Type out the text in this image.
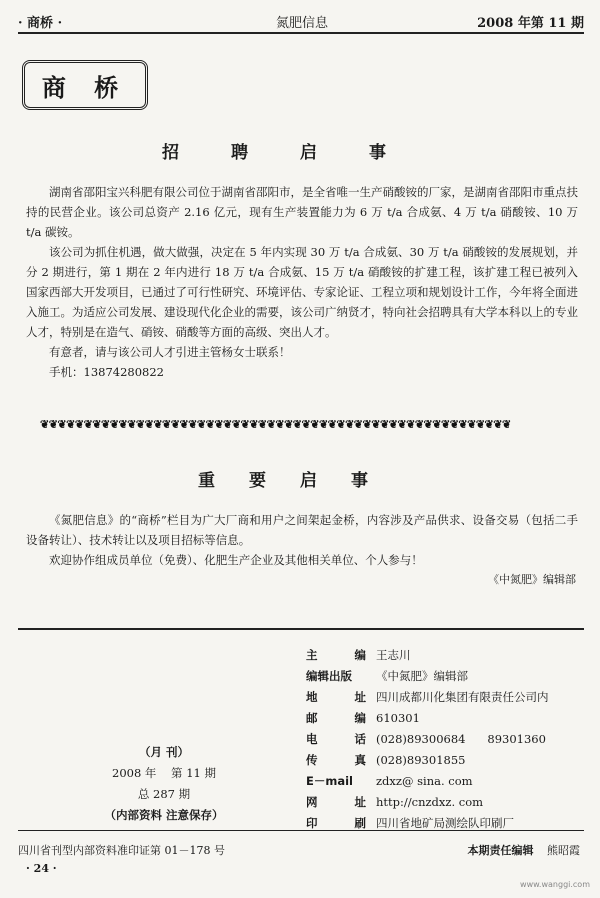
· 商桥 ·	氮肥信息	2008 年第 11 期
商 桥
招聘启事

湖南省邵阳宝兴科肥有限公司位于湖南省邵阳市，是全省唯一生产硝酸铵的厂家，是湖南省邵阳市重点扶持的民营企业。该公司总资产 2.16 亿元，现有生产装置能力为 6 万 t/a 合成氨、4 万 t/a 硝酸铵、10 万 t/a 碳铵。

该公司为抓住机遇，做大做强，决定在 5 年内实现 30 万 t/a 合成氨、30 万 t/a 硝酸铵的发展规划，并分 2 期进行，第 1 期在 2 年内进行 18 万 t/a 合成氨、15 万 t/a 硝酸铵的扩建工程，该扩建工程已被列入国家西部大开发项目，已通过了可行性研究、环境评估、专家论证、工程立项和规划设计工作，今年将全面进入施工。为适应公司发展、建设现代化企业的需要，该公司广纳贤才，特向社会招聘具有大学本科以上的专业人才，特别是在造气、硝铵、硝酸等方面的高级、突出人才。

有意者，请与该公司人才引进主管杨女士联系！

手机：13874280822

❦❦❦❦❦❦❦❦❦❦❦❦❦❦❦❦❦❦❦❦❦❦❦❦❦❦❦❦❦❦❦❦❦❦❦❦❦❦❦❦❦❦❦❦❦❦❦❦❦❦❦❦❦❦
重要启事

《氮肥信息》的“商桥”栏目为广大厂商和用户之间架起金桥，内容涉及产品供求、设备交易（包括二手设备转让）、技术转让以及项目招标等信息。

欢迎协作组成员单位（免费）、化肥生产企业及其他相关单位、个人参与！

《中氮肥》编辑部
主	编 王志川
编辑出版 《中氮肥》编辑部
地	址 四川成都川化集团有限责任公司内
邮	编 610301
电	话 (028)89300684      89301360
传	真 (028)89301855
E－mail zdxz@ sina. com
网	址 http://cnzdxz. com
印	刷 四川省地矿局测绘队印刷厂
（月 刊）
2008 年    第 11 期
总 287 期
（内部资料 注意保存）
四川省刊型内部资料准印证第 01－178 号	本期责任编辑 熊昭霞
· 24 ·
www.wanggi.com
